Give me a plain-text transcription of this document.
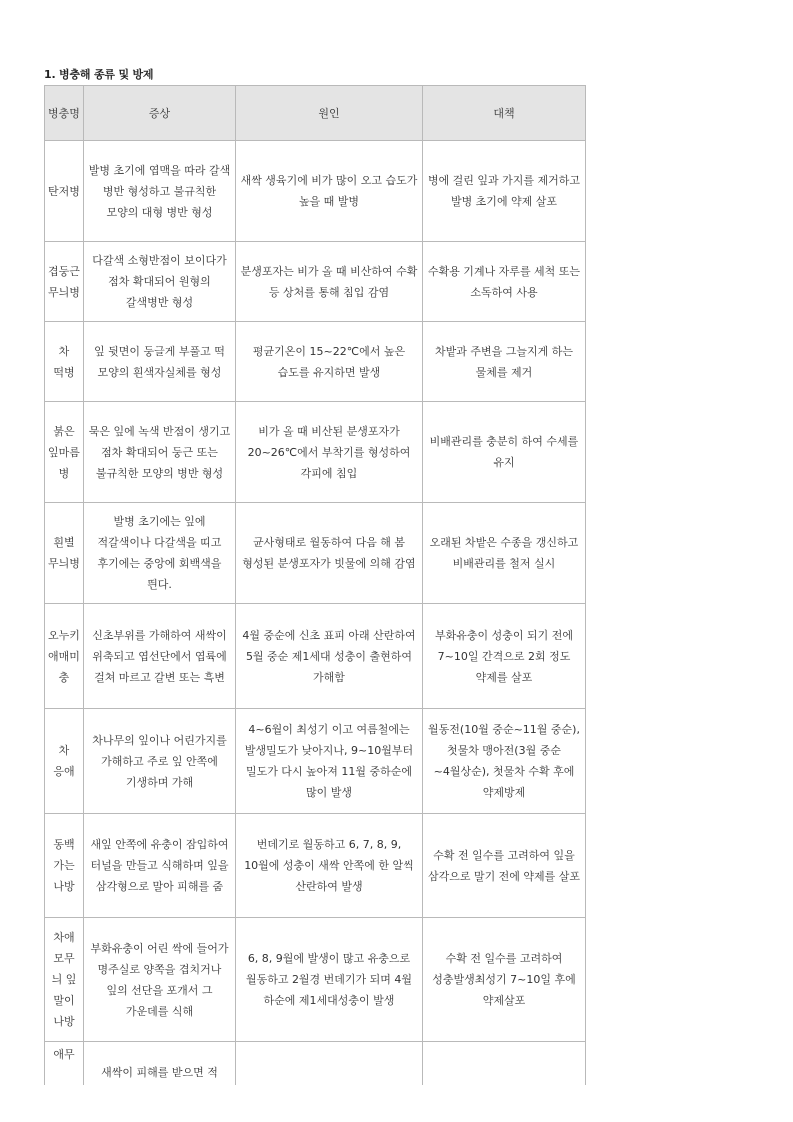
1. 병충해 종류 및 방제
병충명	증상	원인	대책
탄저병	발병 초기에 엽맥을 따라 갈색 병반 형성하고 불규칙한 모양의 대형 병반 형성	새싹 생육기에 비가 많이 오고 습도가 높을 때 발병	병에 걸린 잎과 가지를 제거하고 발병 초기에 약제 살포
겹둥근 무늬병	다갈색 소형반점이 보이다가 점차 확대되어 원형의 갈색병반 형성	분생포자는 비가 올 때 비산하여 수확 등 상처를 통해 침입 감염	수확용 기계나 자루를 세척 또는 소독하여 사용
차 떡병	잎 뒷면이 둥글게 부풀고 떡 모양의 흰색자실체를 형성	평균기온이 15~22℃에서 높은 습도를 유지하면 발생	차밭과 주변을 그늘지게 하는 물체를 제거
붉은 잎마름병	묵은 잎에 녹색 반점이 생기고 점차 확대되어 둥근 또는 불규칙한 모양의 병반 형성	비가 올 때 비산된 분생포자가 20~26℃에서 부착기를 형성하여 각피에 침입	비배관리를 충분히 하여 수세를 유지
흰별 무늬병	발병 초기에는 잎에 적갈색이나 다갈색을 띠고 후기에는 중앙에 회백색을 띈다.	균사형태로 월동하여 다음 해 봄 형성된 분생포자가 빗물에 의해 감염	오래된 차밭은 수종을 갱신하고 비배관리를 철저 실시
오누키 애매미충	신초부위를 가해하여 새싹이 위축되고 엽선단에서 엽륙에 걸쳐 마르고 갈변 또는 흑변	4월 중순에 신초 표피 아래 산란하여 5월 중순 제1세대 성충이 출현하여 가해함	부화유충이 성충이 되기 전에 7~10일 간격으로 2회 정도 약제를 살포
차 응애	차나무의 잎이나 어린가지를 가해하고 주로 잎 안쪽에 기생하며 가해	4~6월이 최성기 이고 여름철에는 발생밀도가 낮아지나, 9~10월부터 밀도가 다시 높아져 11월 중하순에 많이 발생	월동전(10월 중순~11월 중순), 첫물차 맹아전(3월 중순~4월상순), 첫물차 수확 후에 약제방제
동백 가는 나방	새잎 안쪽에 유충이 잠입하여 터널을 만들고 식해하며 잎을 삼각형으로 말아 피해를 줌	번데기로 월동하고 6, 7, 8, 9, 10월에 성충이 새싹 안쪽에 한 알씩 산란하여 발생	수확 전 일수를 고려하여 잎을 삼각으로 말기 전에 약제를 살포
차애 모무 늬 잎 말이 나방	부화유충이 어린 싹에 들어가 명주실로 양쪽을 겹치거나 잎의 선단을 포개서 그 가운데를 식해	6, 8, 9월에 발생이 많고 유충으로 월동하고 2월경 번데기가 되며 4월 하순에 제1세대성충이 발생	수확 전 일수를 고려하여 성충발생최성기 7~10일 후에 약제살포
애무	새싹이 피해를 받으면 적		
